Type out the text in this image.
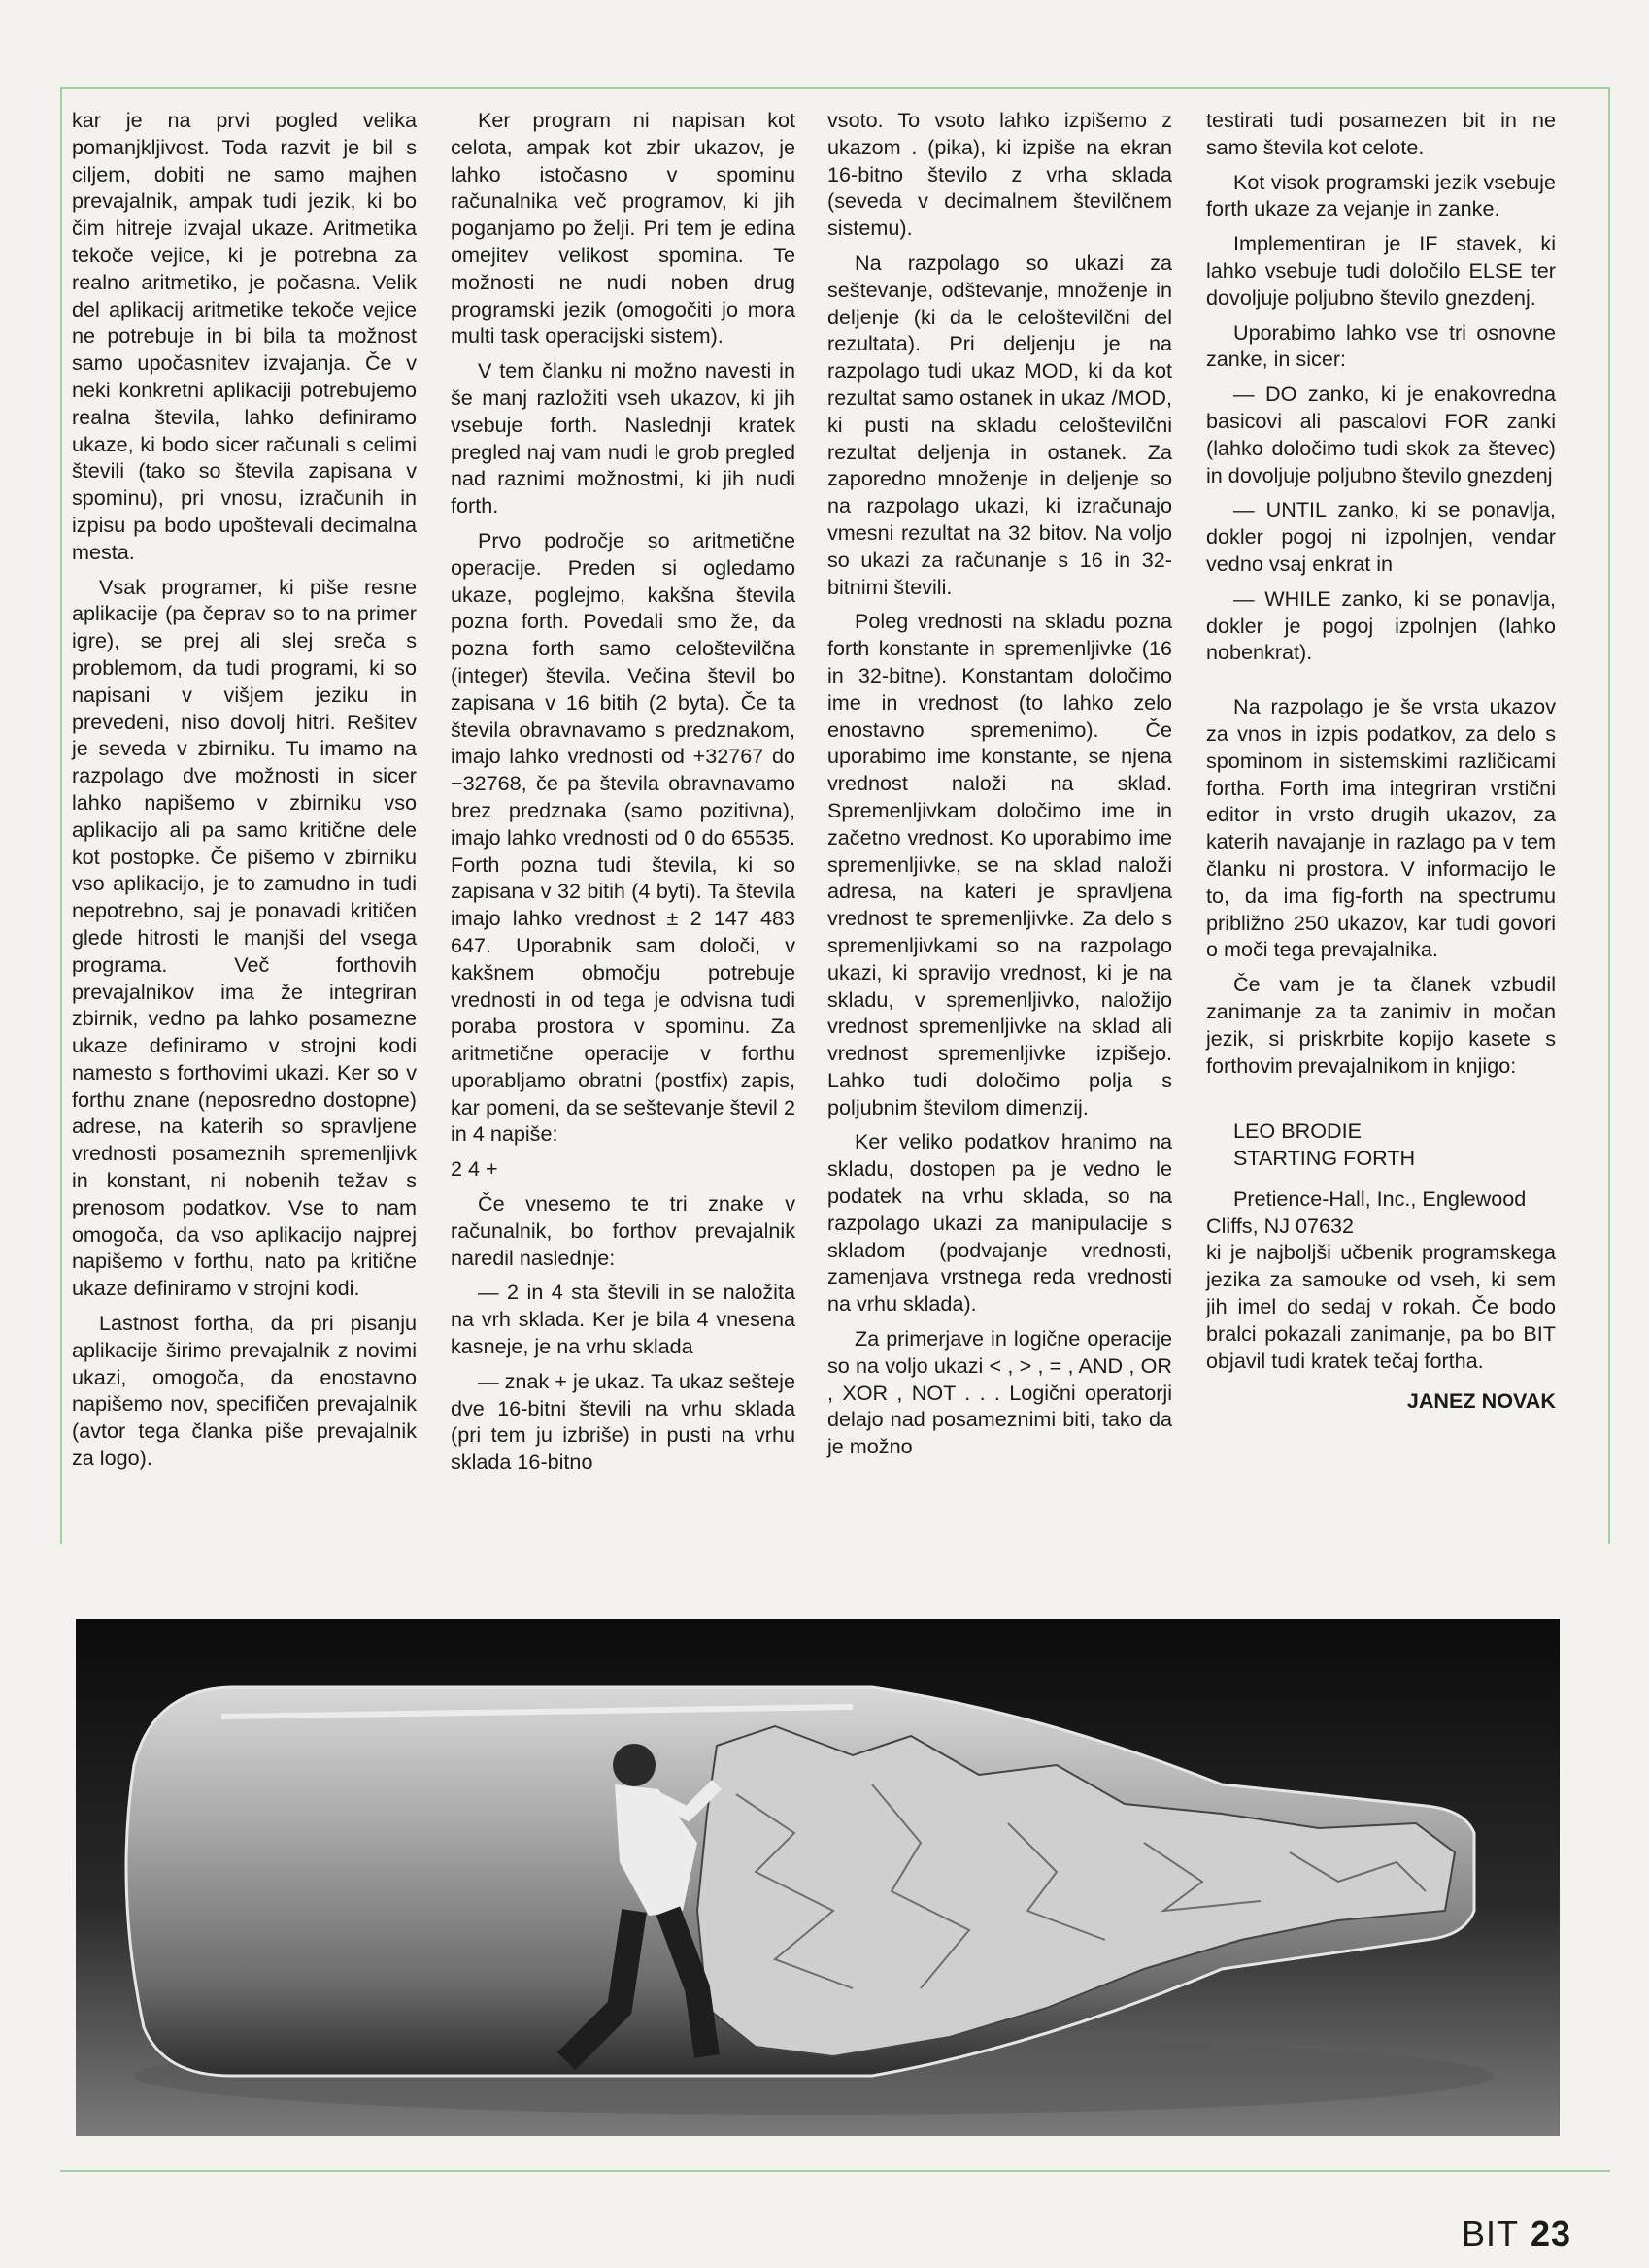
kar je na prvi pogled velika pomanjkljivost. Toda razvit je bil s ciljem, dobiti ne samo majhen prevajalnik, ampak tudi jezik, ki bo čim hitreje izvajal ukaze. Aritmetika tekoče vejice, ki je potrebna za realno aritmetiko, je počasna. Velik del aplikacij aritmetike tekoče vejice ne potrebuje in bi bila ta možnost samo upočasnitev izvajanja. Če v neki konkretni aplikaciji potrebujemo realna števila, lahko definiramo ukaze, ki bodo sicer računali s celimi števili (tako so števila zapisana v spominu), pri vnosu, izračunih in izpisu pa bodo upoštevali decimalna mesta.

Vsak programer, ki piše resne aplikacije (pa čeprav so to na primer igre), se prej ali slej sreča s problemom, da tudi programi, ki so napisani v višjem jeziku in prevedeni, niso dovolj hitri. Rešitev je seveda v zbirniku. Tu imamo na razpolago dve možnosti in sicer lahko napišemo v zbirniku vso aplikacijo ali pa samo kritične dele kot postopke. Če pišemo v zbirniku vso aplikacijo, je to zamudno in tudi nepotrebno, saj je ponavadi kritičen glede hitrosti le manjši del vsega programa. Več forthovih prevajalnikov ima že integriran zbirnik, vedno pa lahko posamezne ukaze definiramo v strojni kodi namesto s forthovimi ukazi. Ker so v forthu znane (neposredno dostopne) adrese, na katerih so spravljene vrednosti posameznih spremenljivk in konstant, ni nobenih težav s prenosom podatkov. Vse to nam omogoča, da vso aplikacijo najprej napišemo v forthu, nato pa kritične ukaze definiramo v strojni kodi.

Lastnost fortha, da pri pisanju aplikacije širimo prevajalnik z novimi ukazi, omogoča, da enostavno napišemo nov, specifičen prevajalnik (avtor tega članka piše prevajalnik za logo).

Ker program ni napisan kot celota, ampak kot zbir ukazov, je lahko istočasno v spominu računalnika več programov, ki jih poganjamo po želji. Pri tem je edina omejitev velikost spomina. Te možnosti ne nudi noben drug programski jezik (omogočiti jo mora multi task operacijski sistem).

V tem članku ni možno navesti in še manj razložiti vseh ukazov, ki jih vsebuje forth. Naslednji kratek pregled naj vam nudi le grob pregled nad raznimi možnostmi, ki jih nudi forth.

Prvo področje so aritmetične operacije. Preden si ogledamo ukaze, poglejmo, kakšna števila pozna forth. Povedali smo že, da pozna forth samo celoštevilčna (integer) števila. Večina števil bo zapisana v 16 bitih (2 byta). Če ta števila obravnavamo s predznakom, imajo lahko vrednosti od +32767 do −32768, če pa števila obravnavamo brez predznaka (samo pozitivna), imajo lahko vrednosti od 0 do 65535. Forth pozna tudi števila, ki so zapisana v 32 bitih (4 byti). Ta števila imajo lahko vrednost ± 2 147 483 647. Uporabnik sam določi, v kakšnem območju potrebuje vrednosti in od tega je odvisna tudi poraba prostora v spominu. Za aritmetične operacije v forthu uporabljamo obratni (postfix) zapis, kar pomeni, da se seštevanje števil 2 in 4 napiše:

2 4 +

Če vnesemo te tri znake v računalnik, bo forthov prevajalnik naredil naslednje:

— 2 in 4 sta števili in se naložita na vrh sklada. Ker je bila 4 vnesena kasneje, je na vrhu sklada

— znak + je ukaz. Ta ukaz sešteje dve 16-bitni števili na vrhu sklada (pri tem ju izbriše) in pusti na vrhu sklada 16-bitno

vsoto. To vsoto lahko izpišemo z ukazom . (pika), ki izpiše na ekran 16-bitno število z vrha sklada (seveda v decimalnem številčnem sistemu).

Na razpolago so ukazi za seštevanje, odštevanje, množenje in deljenje (ki da le celoštevilčni del rezultata). Pri deljenju je na razpolago tudi ukaz MOD, ki da kot rezultat samo ostanek in ukaz /MOD, ki pusti na skladu celoštevilčni rezultat deljenja in ostanek. Za zaporedno množenje in deljenje so na razpolago ukazi, ki izračunajo vmesni rezultat na 32 bitov. Na voljo so ukazi za računanje s 16 in 32-bitnimi števili.

Poleg vrednosti na skladu pozna forth konstante in spremenljivke (16 in 32-bitne). Konstantam določimo ime in vrednost (to lahko zelo enostavno spremenimo). Če uporabimo ime konstante, se njena vrednost naloži na sklad. Spremenljivkam določimo ime in začetno vrednost. Ko uporabimo ime spremenljivke, se na sklad naloži adresa, na kateri je spravljena vrednost te spremenljivke. Za delo s spremenljivkami so na razpolago ukazi, ki spravijo vrednost, ki je na skladu, v spremenljivko, naložijo vrednost spremenljivke na sklad ali vrednost spremenljivke izpišejo. Lahko tudi določimo polja s poljubnim številom dimenzij.

Ker veliko podatkov hranimo na skladu, dostopen pa je vedno le podatek na vrhu sklada, so na razpolago ukazi za manipulacije s skladom (podvajanje vrednosti, zamenjava vrstnega reda vrednosti na vrhu sklada).

Za primerjave in logične operacije so na voljo ukazi < , > , = , AND , OR , XOR , NOT . . . Logični operatorji delajo nad posameznimi biti, tako da je možno

testirati tudi posamezen bit in ne samo števila kot celote.

Kot visok programski jezik vsebuje forth ukaze za vejanje in zanke.

Implementiran je IF stavek, ki lahko vsebuje tudi določilo ELSE ter dovoljuje poljubno število gnezdenj.

Uporabimo lahko vse tri osnovne zanke, in sicer:

— DO zanko, ki je enakovredna basicovi ali pascalovi FOR zanki (lahko določimo tudi skok za števec) in dovoljuje poljubno število gnezdenj

— UNTIL zanko, ki se ponavlja, dokler pogoj ni izpolnjen, vendar vedno vsaj enkrat in

— WHILE zanko, ki se ponavlja, dokler je pogoj izpolnjen (lahko nobenkrat).

Na razpolago je še vrsta ukazov za vnos in izpis podatkov, za delo s spominom in sistemskimi različicami fortha. Forth ima integriran vrstični editor in vrsto drugih ukazov, za katerih navajanje in razlago pa v tem članku ni prostora. V informacijo le to, da ima fig-forth na spectrumu približno 250 ukazov, kar tudi govori o moči tega prevajalnika.

Če vam je ta članek vzbudil zanimanje za ta zanimiv in močan jezik, si priskrbite kopijo kasete s forthovim prevajalnikom in knjigo:

LEO BRODIE

STARTING FORTH

Pretience-Hall, Inc., Englewood Cliffs, NJ 07632

ki je najboljši učbenik programskega jezika za samouke od vseh, ki sem jih imel do sedaj v rokah. Če bodo bralci pokazali zanimanje, pa bo BIT objavil tudi kratek tečaj fortha.

JANEZ NOVAK

BIT 23
